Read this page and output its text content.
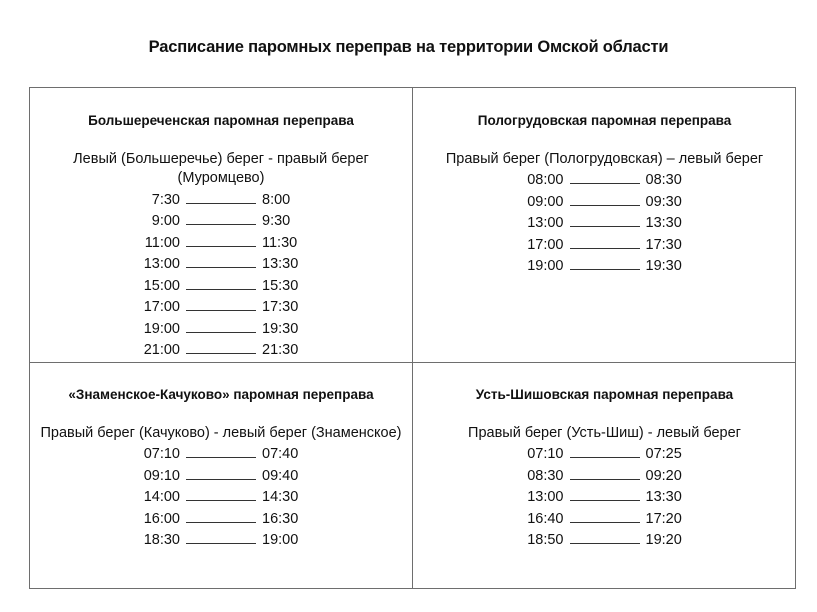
Расписание паромных переправ на территории Омской области
Большереченская паромная переправа
Левый (Большеречье) берег - правый берег (Муромцево)
7:30	8:00
9:00	9:30
11:00	11:30
13:00	13:30
15:00	15:30
17:00	17:30
19:00	19:30
21:00	21:30
Пологрудовская паромная переправа
Правый берег (Пологрудовская) – левый берег
08:00	08:30
09:00	09:30
13:00	13:30
17:00	17:30
19:00	19:30
«Знаменское-Качуково» паромная переправа
Правый берег (Качуково) - левый берег (Знаменское)
07:10	07:40
09:10	09:40
14:00	14:30
16:00	16:30
18:30	19:00
Усть-Шишовская паромная переправа
Правый берег (Усть-Шиш) - левый берег
07:10	07:25
08:30	09:20
13:00	13:30
16:40	17:20
18:50	19:20
